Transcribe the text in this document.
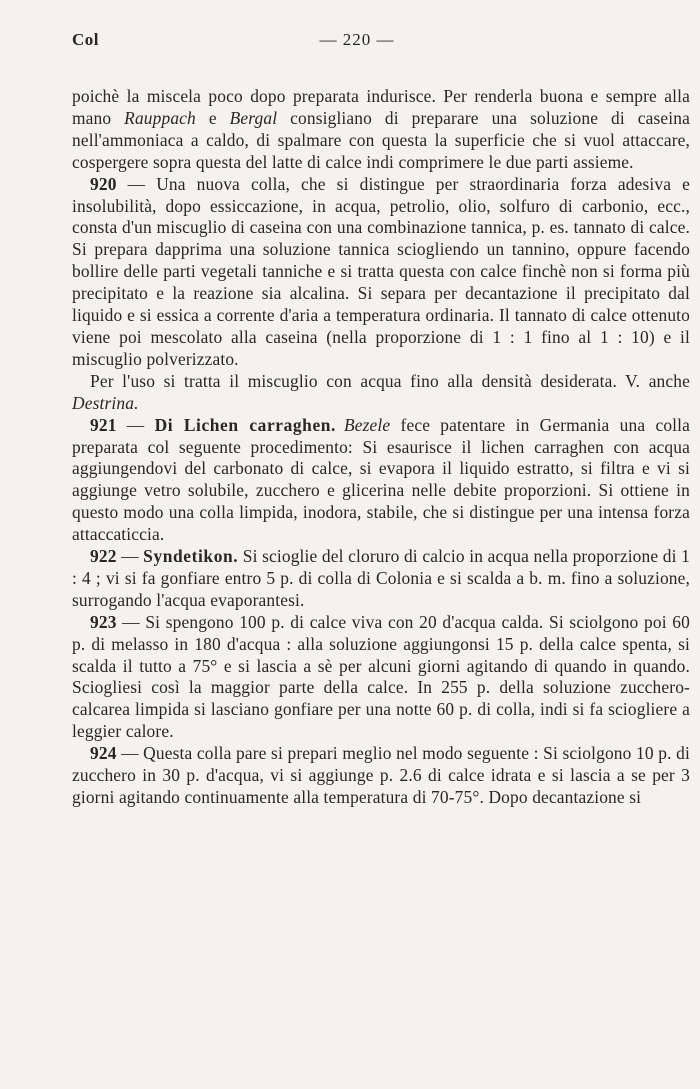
Col	— 220 —

poichè la miscela poco dopo preparata indurisce. Per renderla buona e sempre alla mano Rauppach e Bergal consigliano di preparare una soluzione di caseina nell'ammoniaca a caldo, di spalmare con questa la superficie che si vuol attaccare, cospergere sopra questa del latte di calce indi comprimere le due parti assieme.

920 — Una nuova colla, che si distingue per straordinaria forza adesiva e insolubilità, dopo essiccazione, in acqua, petrolio, olio, solfuro di carbonio, ecc., consta d'un miscuglio di caseina con una combinazione tannica, p. es. tannato di calce. Si prepara dapprima una soluzione tannica sciogliendo un tannino, oppure facendo bollire delle parti vegetali tanniche e si tratta questa con calce finchè non si forma più precipitato e la reazione sia alcalina. Si separa per decantazione il precipitato dal liquido e si essica a corrente d'aria a temperatura ordinaria. Il tannato di calce ottenuto viene poi mescolato alla caseina (nella proporzione di 1 : 1 fino al 1 : 10) e il miscuglio polverizzato.

Per l'uso si tratta il miscuglio con acqua fino alla densità desiderata. V. anche Destrina.

921 — Di Lichen carraghen. Bezele fece patentare in Germania una colla preparata col seguente procedimento: Si esaurisce il lichen carraghen con acqua aggiungendovi del carbonato di calce, si evapora il liquido estratto, si filtra e vi si aggiunge vetro solubile, zucchero e glicerina nelle debite proporzioni. Si ottiene in questo modo una colla limpida, inodora, stabile, che si distingue per una intensa forza attaccaticcia.

922 — Syndetikon. Si scioglie del cloruro di calcio in acqua nella proporzione di 1 : 4 ; vi si fa gonfiare entro 5 p. di colla di Colonia e si scalda a b. m. fino a soluzione, surrogando l'acqua evaporantesi.

923 — Si spengono 100 p. di calce viva con 20 d'acqua calda. Si sciolgono poi 60 p. di melasso in 180 d'acqua : alla soluzione aggiungonsi 15 p. della calce spenta, si scalda il tutto a 75° e si lascia a sè per alcuni giorni agitando di quando in quando. Sciogliesi così la maggior parte della calce. In 255 p. della soluzione zucchero-calcarea limpida si lasciano gonfiare per una notte 60 p. di colla, indi si fa sciogliere a leggier calore.

924 — Questa colla pare si prepari meglio nel modo seguente : Si sciolgono 10 p. di zucchero in 30 p. d'acqua, vi si aggiunge p. 2.6 di calce idrata e si lascia a se per 3 giorni agitando continuamente alla temperatura di 70-75°. Dopo decantazione si
